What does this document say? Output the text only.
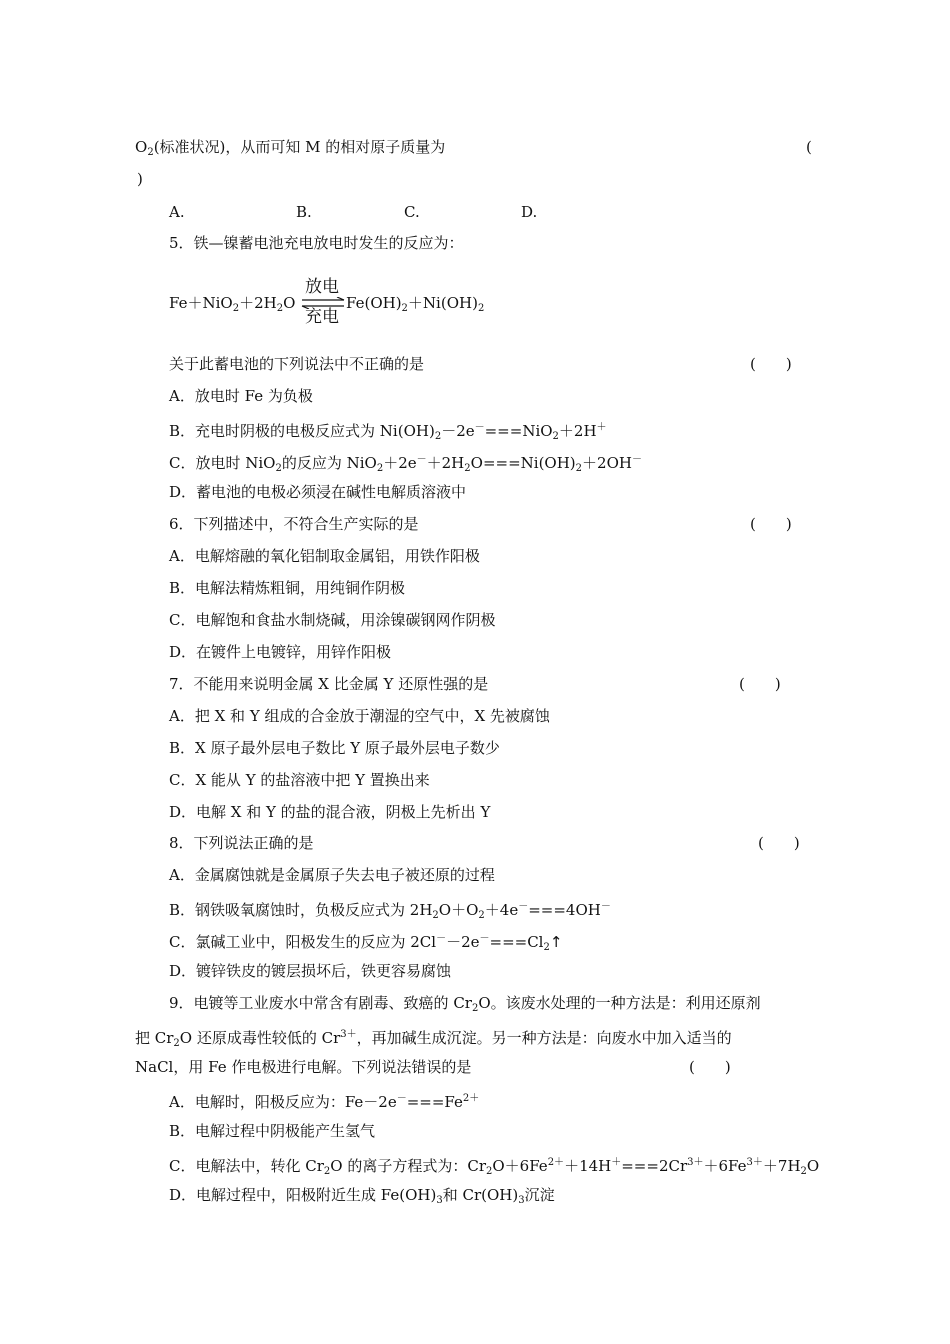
$O_2$(标准状况)，从而可知 M 的相对原子质量为	(
)
A.	B.	C.	D.
5．铁—镍蓄电池充电放电时发生的反应为：
$Fe+NiO_2+2H_2O$
放电
充电
$Fe(OH)_2+Ni(OH)_2$
关于此蓄电池的下列说法中不正确的是	(　　)
A．放电时 Fe 为负极
B．充电时阴极的电极反应式为 $Ni(OH)_2-2e^-===NiO_2+2H^+$
C．放电时 NiO$_2$的反应为 $NiO_2+2e^-+2H_2O===Ni(OH)_2+2OH^-$
D．蓄电池的电极必须浸在碱性电解质溶液中
6．下列描述中，不符合生产实际的是	(　　)
A．电解熔融的氧化铝制取金属铝，用铁作阳极
B．电解法精炼粗铜，用纯铜作阴极
C．电解饱和食盐水制烧碱，用涂镍碳钢网作阴极
D．在镀件上电镀锌，用锌作阳极
7．不能用来说明金属 X 比金属 Y 还原性强的是	(　　)
A．把 X 和 Y 组成的合金放于潮湿的空气中，X 先被腐蚀
B．X 原子最外层电子数比 Y 原子最外层电子数少
C．X 能从 Y 的盐溶液中把 Y 置换出来
D．电解 X 和 Y 的盐的混合液，阴极上先析出 Y
8．下列说法正确的是	(　　)
A．金属腐蚀就是金属原子失去电子被还原的过程
B．钢铁吸氧腐蚀时，负极反应式为 $2H_2O+O_2+4e^-===4OH^-$
C．氯碱工业中，阳极发生的反应为 $2Cl^--2e^-===Cl_2↑$
D．镀锌铁皮的镀层损坏后，铁更容易腐蚀
9．电镀等工业废水中常含有剧毒、致癌的 $Cr_2O$。该废水处理的一种方法是：利用还原剂
把 $Cr_2O$ 还原成毒性较低的 $Cr^{3+}$，再加碱生成沉淀。另一种方法是：向废水中加入适当的
NaCl，用 Fe 作电极进行电解。下列说法错误的是	(　　)
A．电解时，阳极反应为：$Fe-2e^-===Fe^{2+}$
B．电解过程中阴极能产生氢气
C．电解法中，转化 $Cr_2O$ 的离子方程式为：$Cr_2O+6Fe^{2+}+14H^+===2Cr^{3+}+6Fe^{3+}+7H_2O$
D．电解过程中，阳极附近生成 $Fe(OH)_3$和 $Cr(OH)_3$沉淀
